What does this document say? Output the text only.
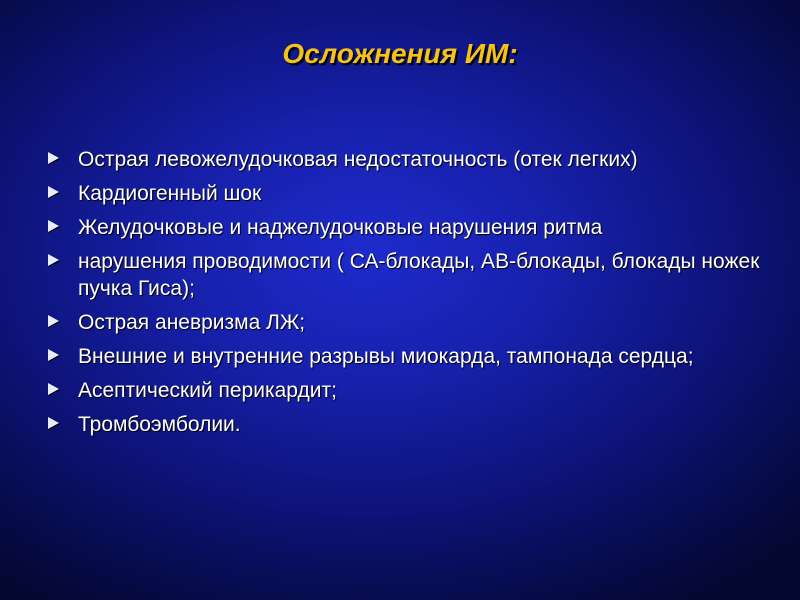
Осложнения ИМ:
Острая левожелудочковая недостаточность (отек легких)
Кардиогенный шок
Желудочковые и наджелудочковые нарушения ритма
нарушения проводимости ( СА-блокады, АВ-блокады, блокады ножек пучка Гиса);
Острая аневризма ЛЖ;
Внешние и внутренние разрывы миокарда, тампонада сердца;
Асептический перикардит;
Тромбоэмболии.
